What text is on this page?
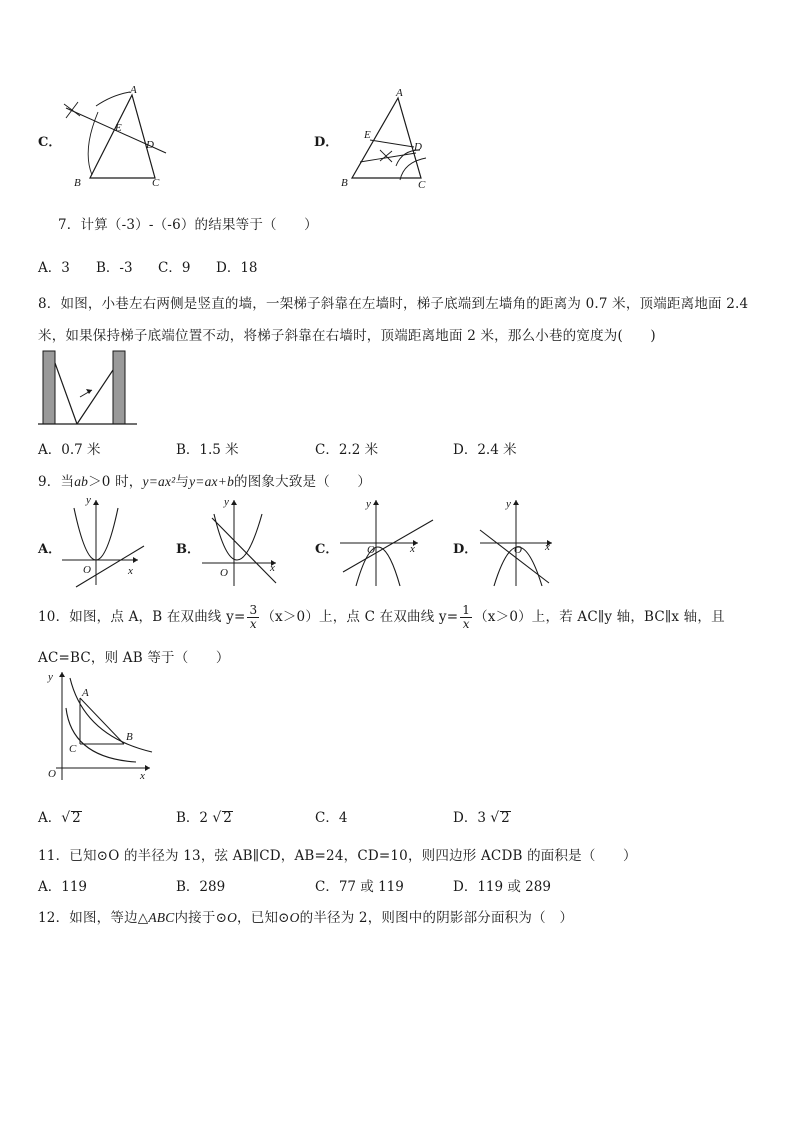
C．
A
E
D
B	C
D．
A
E
D
B	C
7．计算（-3）-（-6）的结果等于（　　）
A．3 B．-3 C．9 D．18
8．如图，小巷左右两侧是竖直的墙，一架梯子斜靠在左墙时，梯子底端到左墙角的距离为 0.7 米，顶端距离地面 2.4
米，如果保持梯子底端位置不动，将梯子斜靠在右墙时，顶端距离地面 2 米，那么小巷的宽度为(　　)
A．0.7 米	B．1.5 米	C．2.2 米	D．2.4 米
9．当ab＞0 时，y=ax²与y=ax+b的图象大致是（　　）
A．
y
x
O
B．
y
x
O
C．
y
x
O	D．
y
x
O
10．如图，点 A，B 在双曲线 $y= \frac{3}{x} (x>0)$上，点 C 在双曲线 $y= \frac{1}{x} (x>0)$上，若 AC∥y 轴，BC∥x 轴，且
AC=BC，则 AB 等于（　　）
y
x
O
A
B
C
A．√ 2	B．2 √ 2	C．4	D．3 √ 2
11．已知⊙O 的半径为 13，弦 AB∥CD，AB=24，CD=10，则四边形 ACDB 的面积是（　　）
A．119	B．289	C．77 或 119	D．119 或 289
12．如图，等边△ABC内接于⊙O，已知⊙O的半径为 2，则图中的阴影部分面积为（　）
